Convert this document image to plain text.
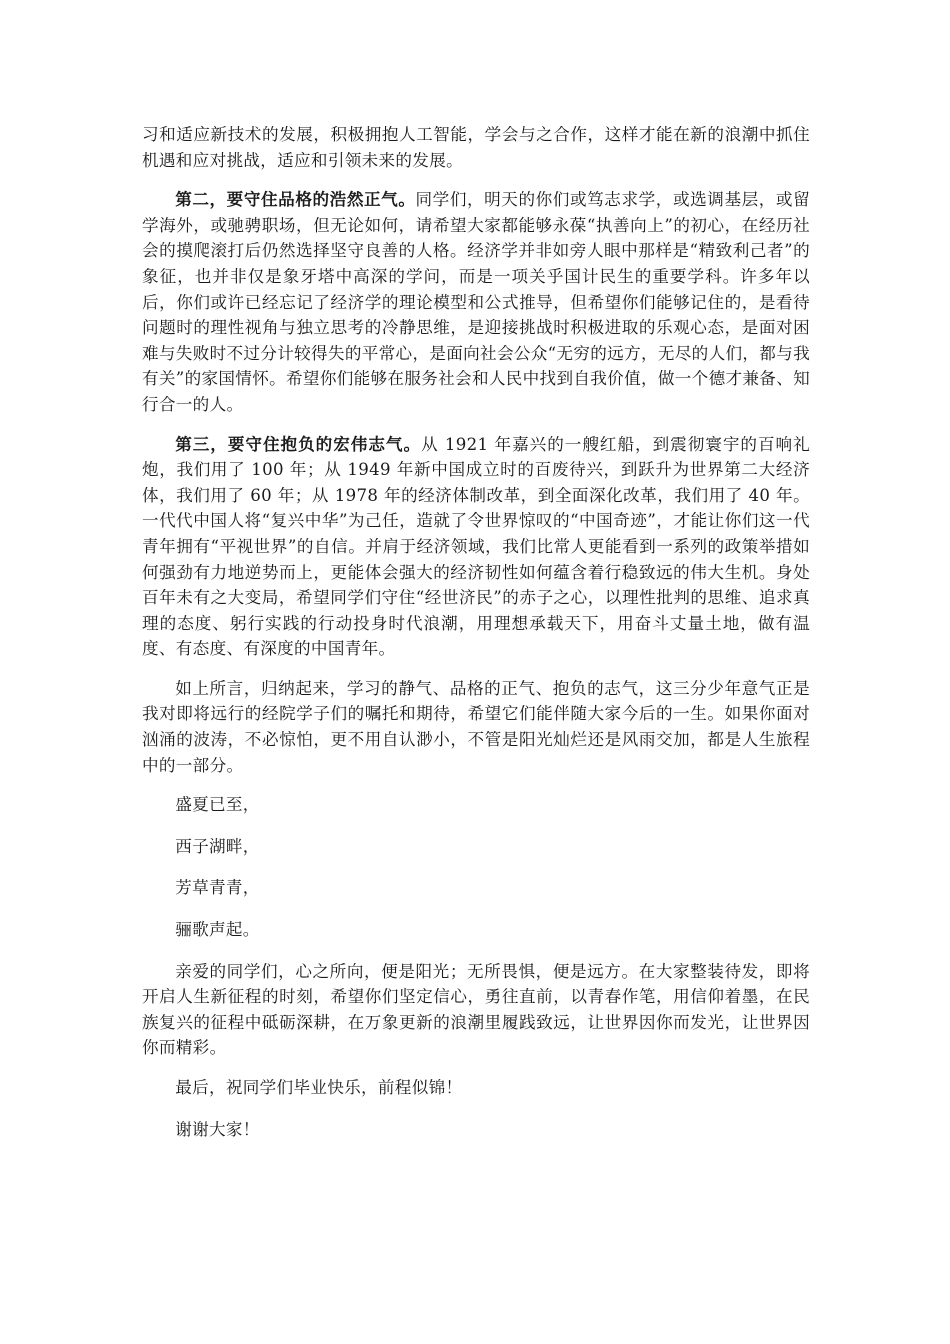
习和适应新技术的发展，积极拥抱人工智能，学会与之合作，这样才能在新的浪潮中抓住机遇和应对挑战，适应和引领未来的发展。

第二，要守住品格的浩然正气。同学们，明天的你们或笃志求学，或选调基层，或留学海外，或驰骋职场，但无论如何，请希望大家都能够永葆“执善向上”的初心，在经历社会的摸爬滚打后仍然选择坚守良善的人格。经济学并非如旁人眼中那样是“精致利己者”的象征，也并非仅是象牙塔中高深的学问，而是一项关乎国计民生的重要学科。许多年以后，你们或许已经忘记了经济学的理论模型和公式推导，但希望你们能够记住的，是看待问题时的理性视角与独立思考的冷静思维，是迎接挑战时积极进取的乐观心态，是面对困难与失败时不过分计较得失的平常心，是面向社会公众“无穷的远方，无尽的人们，都与我有关”的家国情怀。希望你们能够在服务社会和人民中找到自我价值，做一个德才兼备、知行合一的人。

第三，要守住抱负的宏伟志气。从 1921 年嘉兴的一艘红船，到震彻寰宇的百响礼炮，我们用了 100 年；从 1949 年新中国成立时的百废待兴，到跃升为世界第二大经济体，我们用了 60 年；从 1978 年的经济体制改革，到全面深化改革，我们用了 40 年。一代代中国人将“复兴中华”为己任，造就了令世界惊叹的“中国奇迹”，才能让你们这一代青年拥有“平视世界”的自信。并肩于经济领域，我们比常人更能看到一系列的政策举措如何强劲有力地逆势而上，更能体会强大的经济韧性如何蕴含着行稳致远的伟大生机。身处百年未有之大变局，希望同学们守住“经世济民”的赤子之心，以理性批判的思维、追求真理的态度、躬行实践的行动投身时代浪潮，用理想承载天下，用奋斗丈量土地，做有温度、有态度、有深度的中国青年。

如上所言，归纳起来，学习的静气、品格的正气、抱负的志气，这三分少年意气正是我对即将远行的经院学子们的嘱托和期待，希望它们能伴随大家今后的一生。如果你面对汹涌的波涛，不必惊怕，更不用自认渺小，不管是阳光灿烂还是风雨交加，都是人生旅程中的一部分。

盛夏已至，

西子湖畔，

芳草青青，

骊歌声起。

亲爱的同学们，心之所向，便是阳光；无所畏惧，便是远方。在大家整装待发，即将开启人生新征程的时刻，希望你们坚定信心，勇往直前，以青春作笔，用信仰着墨，在民族复兴的征程中砥砺深耕，在万象更新的浪潮里履践致远，让世界因你而发光，让世界因你而精彩。

最后，祝同学们毕业快乐，前程似锦！

谢谢大家！
